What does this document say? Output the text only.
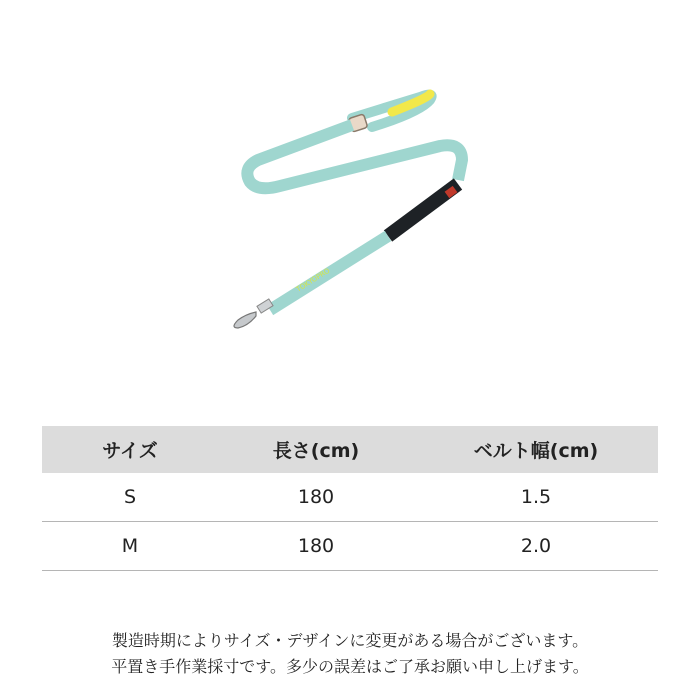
TOKYOPRO
サイズ	長さ(cm)	ベルト幅(cm)
S	180	1.5
M	180	2.0

製造時期によりサイズ・デザインに変更がある場合がございます。

平置き手作業採寸です。多少の誤差はご了承お願い申し上げます。
